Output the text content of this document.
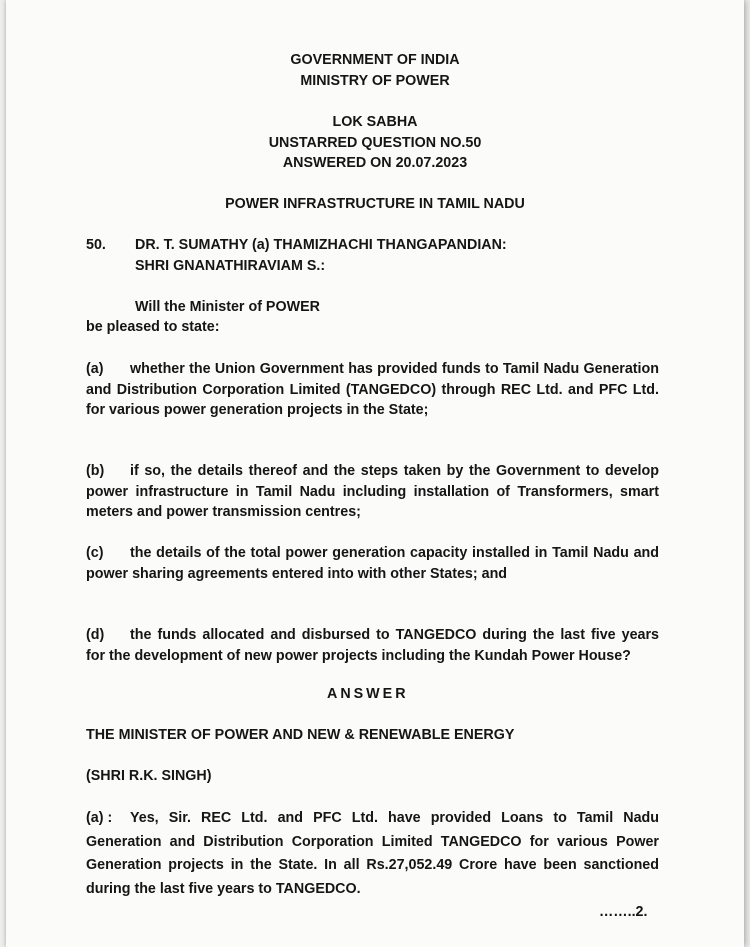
GOVERNMENT OF INDIA
MINISTRY OF POWER
LOK SABHA
UNSTARRED QUESTION NO.50
ANSWERED ON 20.07.2023
POWER INFRASTRUCTURE IN TAMIL NADU
50.	DR. T. SUMATHY (a) THAMIZHACHI THANGAPANDIAN:
SHRI GNANATHIRAVIAM S.:
Will the Minister of POWER
be pleased to state:
(a) whether the Union Government has provided funds to Tamil Nadu Generation and Distribution Corporation Limited (TANGEDCO) through REC Ltd. and PFC Ltd. for various power generation projects in the State;
(b) if so, the details thereof and the steps taken by the Government to develop power infrastructure in Tamil Nadu including installation of Transformers, smart meters and power transmission centres;
(c) the details of the total power generation capacity installed in Tamil Nadu and power sharing agreements entered into with other States; and
(d) the funds allocated and disbursed to TANGEDCO during the last five years for the development of new power projects including the Kundah Power House?
ANSWER
THE MINISTER OF POWER AND NEW & RENEWABLE ENERGY
(SHRI R.K. SINGH)
(a) : Yes, Sir. REC Ltd. and PFC Ltd. have provided Loans to Tamil Nadu Generation and Distribution Corporation Limited TANGEDCO for various Power Generation projects in the State. In all Rs.27,052.49 Crore have been sanctioned during the last five years to TANGEDCO.
……..2.
